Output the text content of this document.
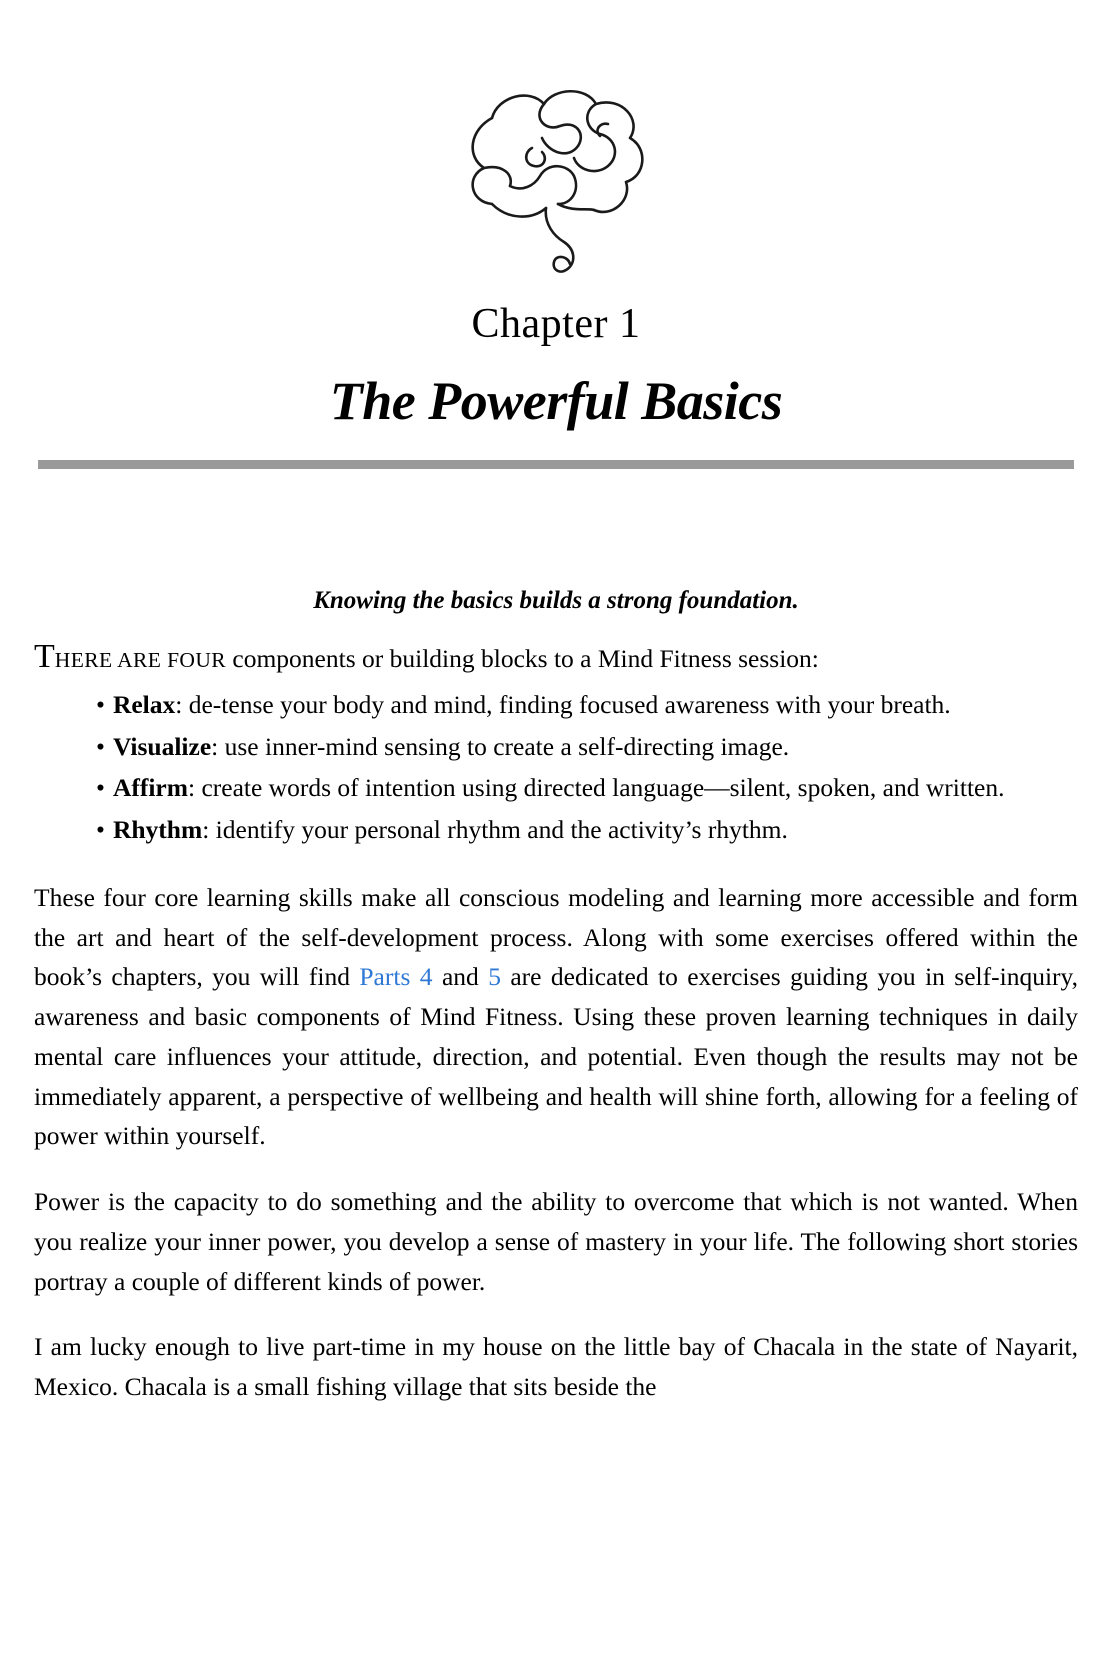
Chapter 1
The Powerful Basics
Knowing the basics builds a strong foundation.

THERE ARE FOUR components or building blocks to a Mind Fitness session:

• Relax: de-tense your body and mind, finding focused awareness with your breath.
• Visualize: use inner-mind sensing to create a self-directing image.
• Affirm: create words of intention using directed language—silent, spoken, and written.
• Rhythm: identify your personal rhythm and the activity’s rhythm.

These four core learning skills make all conscious modeling and learning more accessible and form the art and heart of the self-development process. Along with some exercises offered within the book’s chapters, you will find Parts 4 and 5 are dedicated to exercises guiding you in self-inquiry, awareness and basic components of Mind Fitness. Using these proven learning techniques in daily mental care influences your attitude, direction, and potential. Even though the results may not be immediately apparent, a perspective of wellbeing and health will shine forth, allowing for a feeling of power within yourself.

Power is the capacity to do something and the ability to overcome that which is not wanted. When you realize your inner power, you develop a sense of mastery in your life. The following short stories portray a couple of different kinds of power.

I am lucky enough to live part-time in my house on the little bay of Chacala in the state of Nayarit, Mexico. Chacala is a small fishing village that sits beside the
